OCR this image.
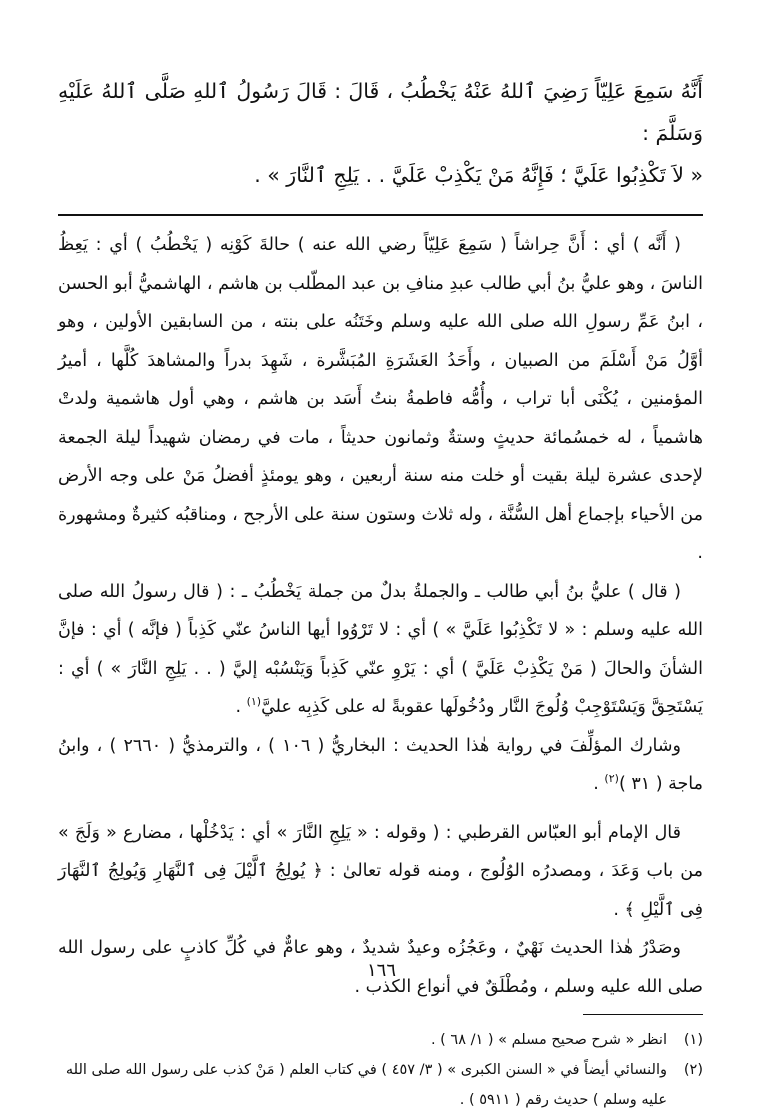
أَنَّهُ سَمِعَ عَلِيّاً رَضِيَ ٱللهُ عَنْهُ يَخْطُبُ ، قَالَ : قَالَ رَسُولُ ٱللهِ صَلَّى ٱللهُ عَلَيْهِ وَسَلَّمَ :
« لاَ تَكْذِبُوا عَلَيَّ ؛ فَإِنَّهُ مَنْ يَكْذِبْ عَلَيَّ . . يَلِجِ ٱلنَّارَ » .

( أَنَّه ) أي : أَنَّ حِراشاً ( سَمِعَ عَلِيّاً رضي الله عنه ) حالةَ كَوْنِه ( يَخْطُبُ ) أي : يَعِظُ الناسَ ، وهو عليُّ بنُ أبي طالب عبدِ منافِ بن عبد المطّلب بن هاشم ، الهاشميُّ أبو الحسن ، ابنُ عَمِّ رسولِ الله صلى الله عليه وسلم وخَتَنُه على بنته ، من السابقين الأولين ، وهو أوَّلُ مَنْ أَسْلَمَ من الصبيان ، وأَحَدُ العَشَرَةِ المُبَشَّرة ، شَهِدَ بدراً والمشاهدَ كُلَّها ، أميرُ المؤمنين ، يُكْنَى أبا تراب ، وأُمُّه فاطمةُ بنتُ أَسَد بن هاشم ، وهي أول هاشمية ولدتْ هاشمياً ، له خمسُمائة حديثٍ وستةٌ وثمانون حديثاً ، مات في رمضان شهيداً ليلة الجمعة لإحدى عشرة ليلة بقيت أو خلت منه سنة أربعين ، وهو يومئذٍ أفضلُ مَنْ على وجه الأرض من الأحياء بإجماع أهل السُّنَّة ، وله ثلاث وستون سنة على الأرجح ، ومناقبُه كثيرةٌ ومشهورة .

( قال ) عليُّ بنُ أبي طالب ـ والجملةُ بدلٌ من جملة يَخْطُبُ ـ : ( قال رسولُ الله صلى الله عليه وسلم : « لا تَكْذِبُوا عَلَيَّ » ) أي : لا تَرْوُوا أيها الناسُ عنّي كَذِباً ( فإنَّه ) أي : فإنَّ الشأنَ والحالَ ( مَنْ يَكْذِبْ عَلَيَّ ) أي : يَرْوِ عنّي كَذِباً وَيَنْسُبْه إليَّ ( . . يَلِجِ النَّارَ » ) أي : يَسْتَحِقَّ وَيَسْتَوْجِبْ وُلُوجَ النَّار ودُخُولَها عقوبةً له على كَذِبِه عليَّ$^{(١)}$ .

وشارك المؤلِّفَ في رواية هٰذا الحديث : البخاريُّ ( ١٠٦ ) ، والترمذيُّ ( ٢٦٦٠ ) ، وابنُ ماجة ( ٣١ )$^{(٢)}$ .

قال الإمام أبو العبّاس القرطبي : ( وقوله : « يَلِجِ النَّارَ » أي : يَدْخُلْها ، مضارع « وَلَجَ » من باب وَعَدَ ، ومصدرُه الوُلُوج ، ومنه قوله تعالىٰ : ﴿ يُولِجُ ٱلَّيْلَ فِى ٱلنَّهَارِ وَيُولِجُ ٱلنَّهَارَ فِى ٱلَّيْلِ ﴾ .

وصَدْرُ هٰذا الحديث نَهْيٌ ، وعَجُزُه وعيدٌ شديدٌ ، وهو عامٌّ في كُلِّ كاذبٍ على رسول الله صلى الله عليه وسلم ، ومُطْلَقٌ في أنواع الكذب .

(١)
انظر « شرح صحيح مسلم » ( ١/ ٦٨ ) .
(٢)
والنسائي أيضاً في « السنن الكبرى » ( ٣/ ٤٥٧ ) في كتاب العلم ( مَنْ كذب على رسول الله صلى الله عليه وسلم ) حديث رقم ( ٥٩١١ ) .
١٦٦
